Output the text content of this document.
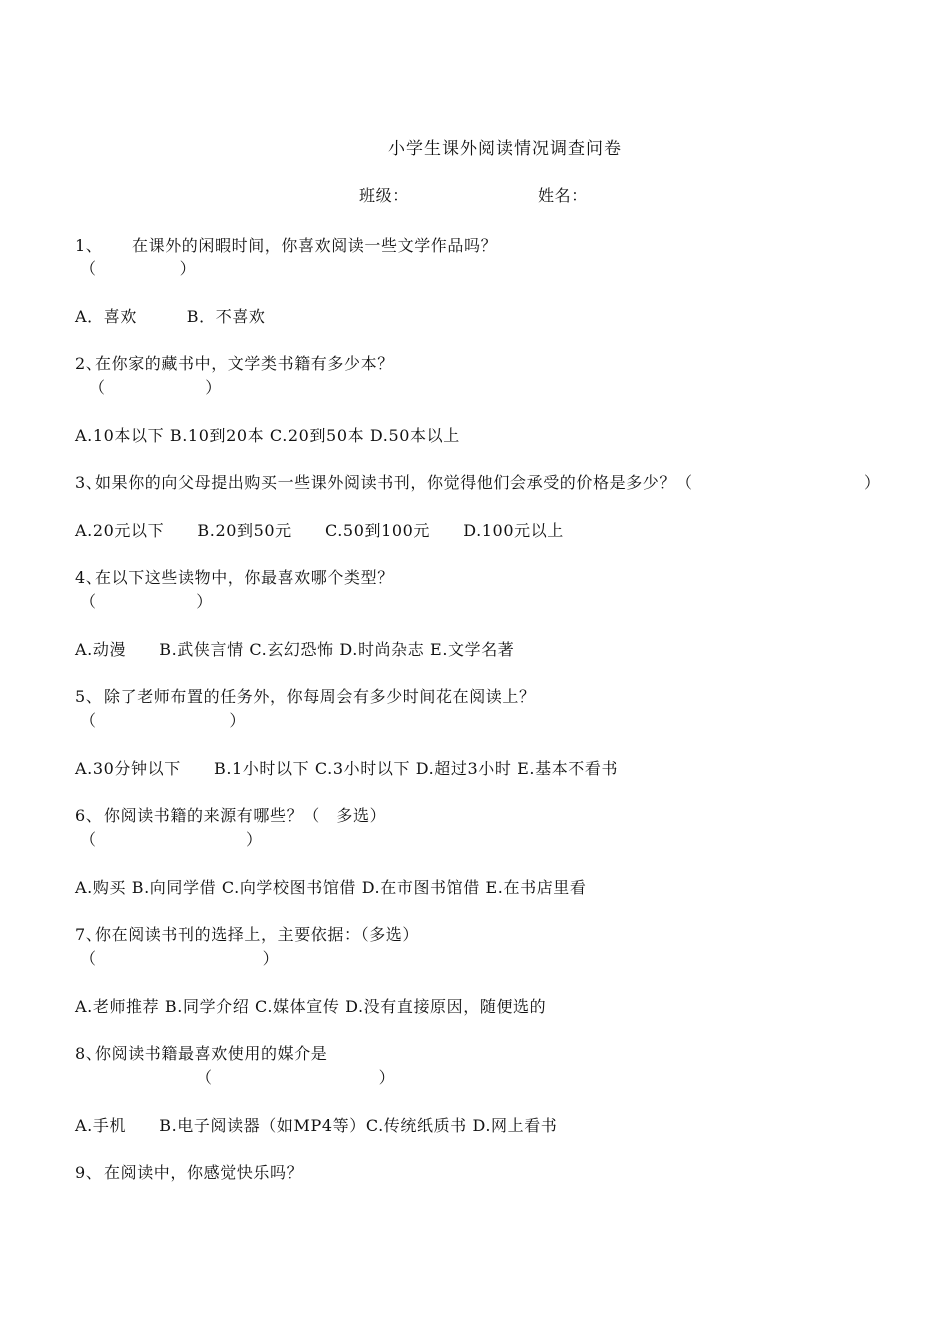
小学生课外阅读情况调查问卷
班级：	姓名：
1、 在课外的闲暇时间，你喜欢阅读一些文学作品吗？
（　　　　　）
A．喜欢　　　B．不喜欢
2、
在你家的藏书中，文学类书籍有多少本？
（　　　　　　）
A.10本以下 B.10到20本 C.20到50本 D.50本以上
3、
如果你的向父母提出购买一些课外阅读书刊，你觉得他们会承受的价格是多少？（	）
A.20元以下　　B.20到50元　　C.50到100元　　D.100元以上
4、
在以下这些读物中，你最喜欢哪个类型？
（　　　　　　）
A.动漫　　B.武侠言情 C.玄幻恐怖 D.时尚杂志 E.文学名著
5、 除了老师布置的任务外，你每周会有多少时间花在阅读上？
（　　　　　　　　）
A.30分钟以下　　B.1小时以下 C.3小时以下 D.超过3小时 E.基本不看书
6、 你阅读书籍的来源有哪些？（　多选）
（　　　　　　　　　）
A.购买 B.向同学借 C.向学校图书馆借 D.在市图书馆借 E.在书店里看
7、
你在阅读书刊的选择上，主要依据：（多选）
（　　　　　　　　　　）
A.老师推荐 B.同学介绍 C.媒体宣传 D.没有直接原因，随便选的
8、
你阅读书籍最喜欢使用的媒介是
（　　　　　　　　　　）
A.手机　　B.电子阅读器（如MP4等）C.传统纸质书 D.网上看书
9、 在阅读中，你感觉快乐吗？
